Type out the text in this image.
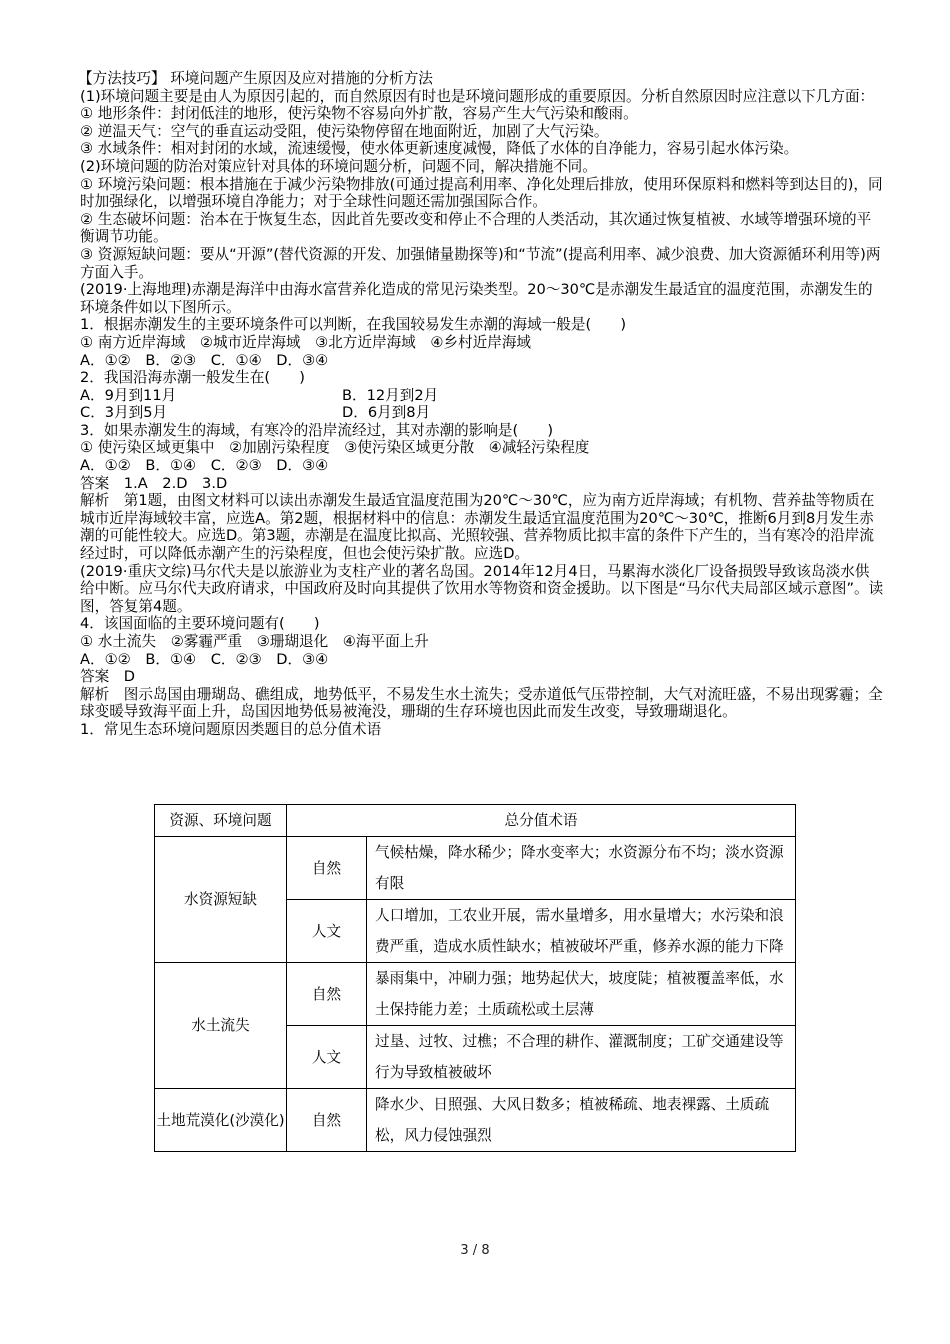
【方法技巧】 环境问题产生原因及应对措施的分析方法

(1)环境问题主要是由人为原因引起的，而自然原因有时也是环境问题形成的重要原因。分析自然原因时应注意以下几方面：

① 地形条件：封闭低洼的地形，使污染物不容易向外扩散，容易产生大气污染和酸雨。

② 逆温天气：空气的垂直运动受阻，使污染物停留在地面附近，加剧了大气污染。

③ 水域条件：相对封闭的水域，流速缓慢，使水体更新速度减慢，降低了水体的自净能力，容易引起水体污染。

(2)环境问题的防治对策应针对具体的环境问题分析，问题不同，解决措施不同。

① 环境污染问题：根本措施在于减少污染物排放(可通过提高利用率、净化处理后排放，使用环保原料和燃料等到达目的)，同时加强绿化，以增强环境自净能力；对于全球性问题还需加强国际合作。

② 生态破坏问题：治本在于恢复生态，因此首先要改变和停止不合理的人类活动，其次通过恢复植被、水域等增强环境的平衡调节功能。

③ 资源短缺问题：要从“开源”(替代资源的开发、加强储量勘探等)和“节流”(提高利用率、减少浪费、加大资源循环利用等)两方面入手。

(2019·上海地理)赤潮是海洋中由海水富营养化造成的常见污染类型。20～30℃是赤潮发生最适宜的温度范围，赤潮发生的环境条件如以下图所示。

1．根据赤潮发生的主要环境条件可以判断，在我国较易发生赤潮的海域一般是(　　)

① 南方近岸海域　②城市近岸海域　③北方近岸海域　④乡村近岸海域

A．①②　B．②③　C．①④　D．③④

2．我国沿海赤潮一般发生在(　　)

A．9月到11月	B．12月到2月

C．3月到5月	D．6月到8月

3．如果赤潮发生的海域，有寒冷的沿岸流经过，其对赤潮的影响是(　　)

① 使污染区域更集中　②加剧污染程度　③使污染区域更分散　④减轻污染程度

A．①②　B．①④　C．②③　D．③④

答案　1.A　2.D　3.D

解析　第1题，由图文材料可以读出赤潮发生最适宜温度范围为20℃～30℃，应为南方近岸海域；有机物、营养盐等物质在城市近岸海域较丰富，应选A。第2题，根据材料中的信息：赤潮发生最适宜温度范围为20℃～30℃，推断6月到8月发生赤潮的可能性较大。应选D。第3题，赤潮是在温度比拟高、光照较强、营养物质比拟丰富的条件下产生的，当有寒冷的沿岸流经过时，可以降低赤潮产生的污染程度，但也会使污染扩散。应选D。

(2019·重庆文综)马尔代夫是以旅游业为支柱产业的著名岛国。2014年12月4日，马累海水淡化厂设备损毁导致该岛淡水供给中断。应马尔代夫政府请求，中国政府及时向其提供了饮用水等物资和资金援助。以下图是“马尔代夫局部区域示意图”。读图，答复第4题。

4．该国面临的主要环境问题有(　　)

① 水土流失　②雾霾严重　③珊瑚退化　④海平面上升

A．①②　B．①④　C．②③　D．③④

答案　D

解析　图示岛国由珊瑚岛、礁组成，地势低平，不易发生水土流失；受赤道低气压带控制，大气对流旺盛，不易出现雾霾；全球变暖导致海平面上升，岛国因地势低易被淹没，珊瑚的生存环境也因此而发生改变，导致珊瑚退化。

1．常见生态环境问题原因类题目的总分值术语

资源、环境问题	总分值术语	
水资源短缺	自然	气候枯燥，降水稀少；降水变率大；水资源分布不均；淡水资源有限
	人文	人口增加，工农业开展，需水量增多，用水量增大；水污染和浪费严重，造成水质性缺水；植被破坏严重，修养水源的能力下降
水土流失	自然	暴雨集中，冲刷力强；地势起伏大，坡度陡；植被覆盖率低，水土保持能力差；土质疏松或土层薄
	人文	过垦、过牧、过樵；不合理的耕作、灌溉制度；工矿交通建设等行为导致植被破坏
土地荒漠化(沙漠化)	自然	降水少、日照强、大风日数多；植被稀疏、地表裸露、土质疏松，风力侵蚀强烈
3 / 8
